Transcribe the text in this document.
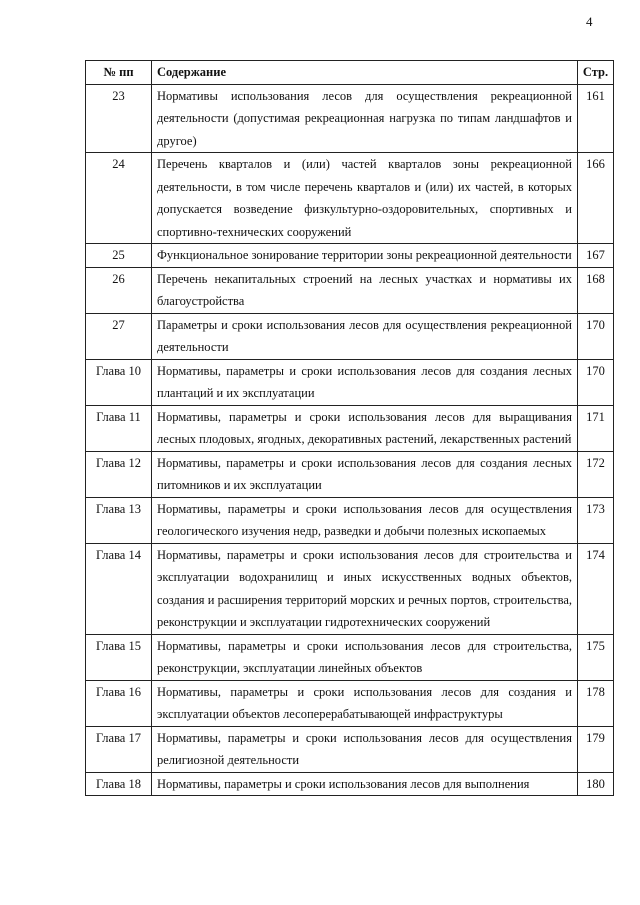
4
№ пп	Содержание	Стр.
23	Нормативы использования лесов для осуществления рекреационной деятельности (допустимая рекреационная нагрузка по типам ландшафтов и другое)	161
24	Перечень кварталов и (или) частей кварталов зоны рекреационной деятельности, в том числе перечень кварталов и (или) их частей, в которых допускается возведение физкультурно-оздоровительных, спортивных и спортивно-технических сооружений	166
25	Функциональное зонирование территории зоны рекреационной деятельности	167
26	Перечень некапитальных строений на лесных участках и нормативы их благоустройства	168
27	Параметры и сроки использования лесов для осуществления рекреационной деятельности	170
Глава 10	Нормативы, параметры и сроки использования лесов для создания лесных плантаций и их эксплуатации	170
Глава 11	Нормативы, параметры и сроки использования лесов для выращивания лесных плодовых, ягодных, декоративных растений, лекарственных растений	171
Глава 12	Нормативы, параметры и сроки использования лесов для создания лесных питомников и их эксплуатации	172
Глава 13	Нормативы, параметры и сроки использования лесов для осуществления геологического изучения недр, разведки и добычи полезных ископаемых	173
Глава 14	Нормативы, параметры и сроки использования лесов для строительства и эксплуатации водохранилищ и иных искусственных водных объектов, создания и расширения территорий морских и речных портов, строительства, реконструкции и эксплуатации гидротехнических сооружений	174
Глава 15	Нормативы, параметры и сроки использования лесов для строительства, реконструкции, эксплуатации линейных объектов	175
Глава 16	Нормативы, параметры и сроки использования лесов для создания и эксплуатации объектов лесоперерабатывающей инфраструктуры	178
Глава 17	Нормативы, параметры и сроки использования лесов для осуществления религиозной деятельности	179
Глава 18	Нормативы, параметры и сроки использования лесов для выполнения	180
